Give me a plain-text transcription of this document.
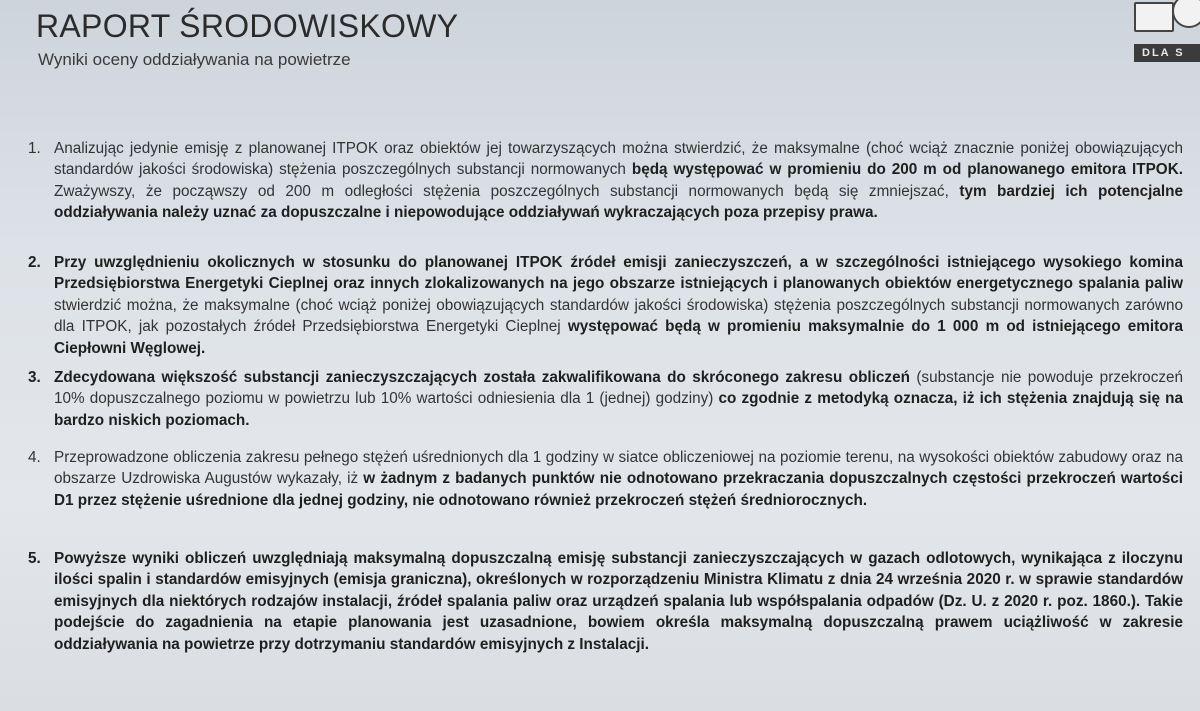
RAPORT ŚRODOWISKOWY
Wyniki oceny oddziaływania na powietrze	DLA S
1. Analizując jedynie emisję z planowanej ITPOK oraz obiektów jej towarzyszących można stwierdzić, że maksymalne (choć wciąż znacznie poniżej obowiązujących standardów jakości środowiska) stężenia poszczególnych substancji normowanych będą występować w promieniu do 200 m od planowanego emitora ITPOK. Zważywszy, że począwszy od 200 m odległości stężenia poszczególnych substancji normowanych będą się zmniejszać, tym bardziej ich potencjalne oddziaływania należy uznać za dopuszczalne i niepowodujące oddziaływań wykraczających poza przepisy prawa.
2. Przy uwzględnieniu okolicznych w stosunku do planowanej ITPOK źródeł emisji zanieczyszczeń, a w szczególności istniejącego wysokiego komina Przedsiębiorstwa Energetyki Cieplnej oraz innych zlokalizowanych na jego obszarze istniejących i planowanych obiektów energetycznego spalania paliw stwierdzić można, że maksymalne (choć wciąż poniżej obowiązujących standardów jakości środowiska) stężenia poszczególnych substancji normowanych zarówno dla ITPOK, jak pozostałych źródeł Przedsiębiorstwa Energetyki Cieplnej występować będą w promieniu maksymalnie do 1 000 m od istniejącego emitora Ciepłowni Węglowej.
3. Zdecydowana większość substancji zanieczyszczających została zakwalifikowana do skróconego zakresu obliczeń (substancje nie powoduje przekroczeń 10% dopuszczalnego poziomu w powietrzu lub 10% wartości odniesienia dla 1 (jednej) godziny) co zgodnie z metodyką oznacza, iż ich stężenia znajdują się na bardzo niskich poziomach.
4. Przeprowadzone obliczenia zakresu pełnego stężeń uśrednionych dla 1 godziny w siatce obliczeniowej na poziomie terenu, na wysokości obiektów zabudowy oraz na obszarze Uzdrowiska Augustów wykazały, iż w żadnym z badanych punktów nie odnotowano przekraczania dopuszczalnych częstości przekroczeń wartości D1 przez stężenie uśrednione dla jednej godziny, nie odnotowano również przekroczeń stężeń średniorocznych.
5. Powyższe wyniki obliczeń uwzględniają maksymalną dopuszczalną emisję substancji zanieczyszczających w gazach odlotowych, wynikająca z iloczynu ilości spalin i standardów emisyjnych (emisja graniczna), określonych w rozporządzeniu Ministra Klimatu z dnia 24 września 2020 r. w sprawie standardów emisyjnych dla niektórych rodzajów instalacji, źródeł spalania paliw oraz urządzeń spalania lub współspalania odpadów (Dz. U. z 2020 r. poz. 1860.). Takie podejście do zagadnienia na etapie planowania jest uzasadnione, bowiem określa maksymalną dopuszczalną prawem uciążliwość w zakresie oddziaływania na powietrze przy dotrzymaniu standardów emisyjnych z Instalacji.
